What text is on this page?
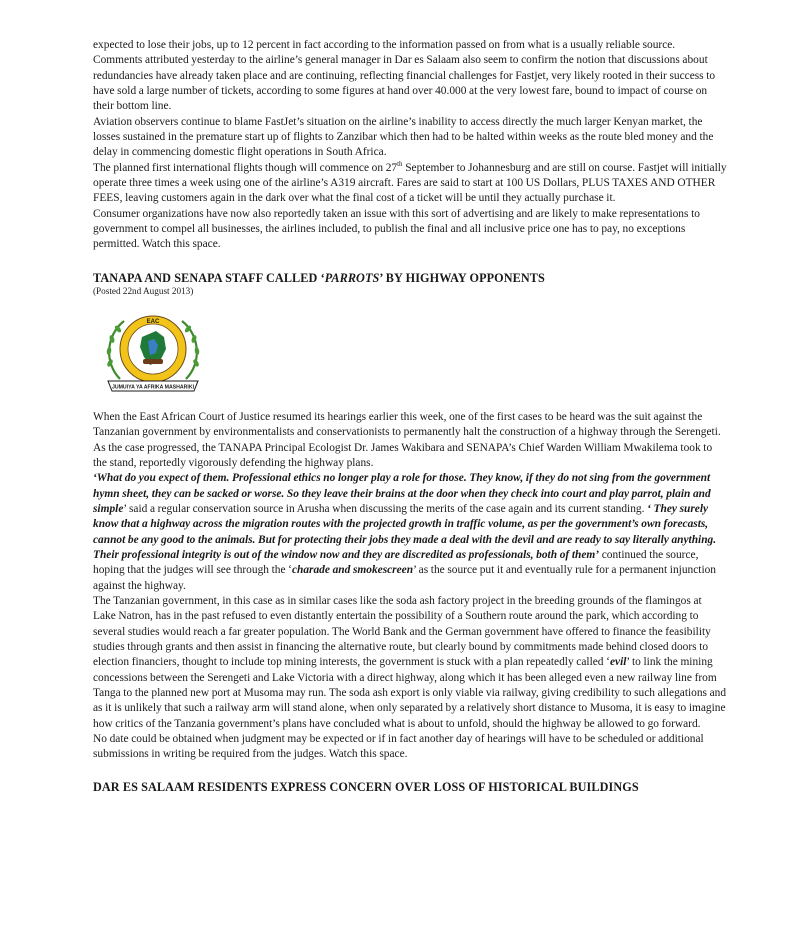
expected to lose their jobs, up to 12 percent in fact according to the information passed on from what is a usually reliable source.

Comments attributed yesterday to the airline’s general manager in Dar es Salaam also seem to confirm the notion that discussions about redundancies have already taken place and are continuing, reflecting financial challenges for Fastjet, very likely rooted in their success to have sold a large number of tickets, according to some figures at hand over 40.000 at the very lowest fare, bound to impact of course on their bottom line.

Aviation observers continue to blame FastJet’s situation on the airline’s inability to access directly the much larger Kenyan market, the losses sustained in the premature start up of flights to Zanzibar which then had to be halted within weeks as the route bled money and the delay in commencing domestic flight operations in South Africa.

The planned first international flights though will commence on 27th September to Johannesburg and are still on course. Fastjet will initially operate three times a week using one of the airline’s A319 aircraft. Fares are said to start at 100 US Dollars, PLUS TAXES AND OTHER FEES, leaving customers again in the dark over what the final cost of a ticket will be until they actually purchase it.

Consumer organizations have now also reportedly taken an issue with this sort of advertising and are likely to make representations to government to compel all businesses, the airlines included, to publish the final and all inclusive price one has to pay, no exceptions permitted. Watch this space.

TANAPA AND SENAPA STAFF CALLED ‘PARROTS’ BY HIGHWAY OPPONENTS

(Posted 22nd August 2013)

EAC
JUMUIYA YA AFRIKA MASHARIKI

When the East African Court of Justice resumed its hearings earlier this week, one of the first cases to be heard was the suit against the Tanzanian government by environmentalists and conservationists to permanently halt the construction of a highway through the Serengeti.

As the case progressed, the TANAPA Principal Ecologist Dr. James Wakibara and SENAPA’s Chief Warden William Mwakilema took to the stand, reportedly vigorously defending the highway plans.

‘What do you expect of them. Professional ethics no longer play a role for those. They know, if they do not sing from the government hymn sheet, they can be sacked or worse. So they leave their brains at the door when they check into court and play parrot, plain and simple’ said a regular conservation source in Arusha when discussing the merits of the case again and its current standing. ‘ They surely know that a highway across the migration routes with the projected growth in traffic volume, as per the government’s own forecasts, cannot be any good to the animals. But for protecting their jobs they made a deal with the devil and are ready to say literally anything. Their professional integrity is out of the window now and they are discredited as professionals, both of them’ continued the source, hoping that the judges will see through the ‘charade and smokescreen’ as the source put it and eventually rule for a permanent injunction against the highway.

The Tanzanian government, in this case as in similar cases like the soda ash factory project in the breeding grounds of the flamingos at Lake Natron, has in the past refused to even distantly entertain the possibility of a Southern route around the park, which according to several studies would reach a far greater population. The World Bank and the German government have offered to finance the feasibility studies through grants and then assist in financing the alternative route, but clearly bound by commitments made behind closed doors to election financiers, thought to include top mining interests, the government is stuck with a plan repeatedly called ‘evil’ to link the mining concessions between the Serengeti and Lake Victoria with a direct highway, along which it has been alleged even a new railway line from Tanga to the planned new port at Musoma may run. The soda ash export is only viable via railway, giving credibility to such allegations and as it is unlikely that such a railway arm will stand alone, when only separated by a relatively short distance to Musoma, it is easy to imagine how critics of the Tanzania government’s plans have concluded what is about to unfold, should the highway be allowed to go forward.

No date could be obtained when judgment may be expected or if in fact another day of hearings will have to be scheduled or additional submissions in writing be required from the judges. Watch this space.

DAR ES SALAAM RESIDENTS EXPRESS CONCERN OVER LOSS OF HISTORICAL BUILDINGS
